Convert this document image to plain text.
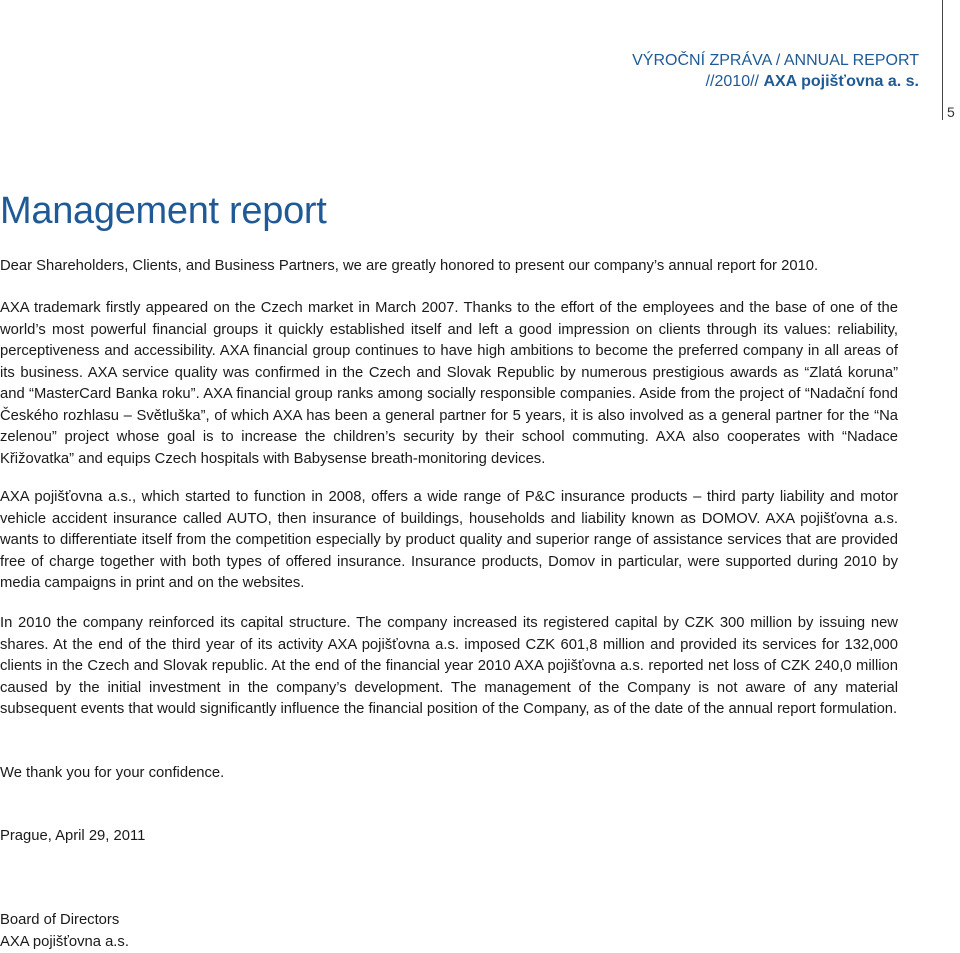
VÝROČNÍ ZPRÁVA / ANNUAL REPORT
//2010// AXA pojišťovna a. s.
5
Management report

Dear Shareholders, Clients, and Business Partners, we are greatly honored to present our company’s annual report for 2010.

AXA trademark firstly appeared on the Czech market in March 2007. Thanks to the effort of the employees and the base of one of the world’s most powerful financial groups it quickly established itself and left a good impression on clients through its values: reliability, perceptiveness and accessibility. AXA financial group continues to have high ambitions to become the preferred company in all areas of its business. AXA service quality was confirmed in the Czech and Slovak Republic by numerous prestigious awards as “Zlatá koruna” and “MasterCard Banka roku”. AXA financial group ranks among socially responsible companies. Aside from the project of “Nadační fond Českého rozhlasu – Světluška”, of which AXA has been a general partner for 5 years, it is also involved as a general partner for the “Na zelenou” project whose goal is to increase the children’s security by their school commuting. AXA also cooperates with “Nadace Křižovatka” and equips Czech hospitals with Babysense breath-monitoring devices.

AXA pojišťovna a.s., which started to function in 2008, offers a wide range of P&C insurance products – third party liability and motor vehicle accident insurance called AUTO, then insurance of buildings, households and liability known as DOMOV. AXA pojišťovna a.s. wants to differentiate itself from the competition especially by product quality and superior range of assistance services that are provided free of charge together with both types of offered insurance. Insurance products, Domov in particular, were supported during 2010 by media campaigns in print and on the websites.

In 2010 the company reinforced its capital structure. The company increased its registered capital by CZK 300 million by issuing new shares. At the end of the third year of its activity AXA pojišťovna a.s. imposed CZK 601,8 million and provided its services for 132,000 clients in the Czech and Slovak republic. At the end of the financial year 2010 AXA pojišťovna a.s. reported net loss of CZK 240,0 million caused by the initial investment in the company’s development. The management of the Company is not aware of any material subsequent events that would significantly influence the financial position of the Company, as of the date of the annual report formulation.

We thank you for your confidence.

Prague, April 29, 2011

Board of Directors
AXA pojišťovna a.s.
